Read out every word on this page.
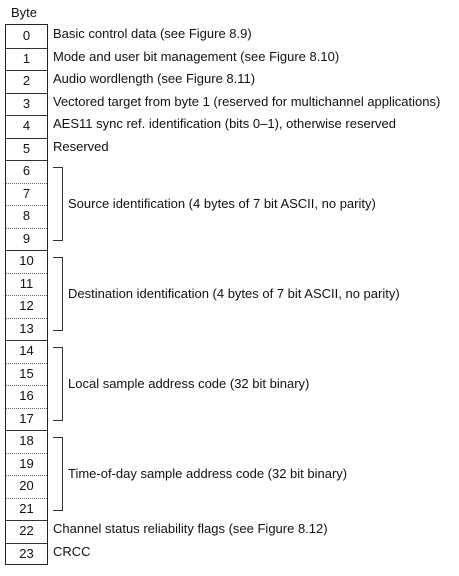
Byte
0
1
2
3
4
5
6
7
8
9
10
11
12
13
14
15
16
17
18
19
20
21
22
23
Basic control data (see Figure 8.9)
Mode and user bit management (see Figure 8.10)
Audio wordlength (see Figure 8.11)
Vectored target from byte 1 (reserved for multichannel applications)
AES11 sync ref. identification (bits 0–1), otherwise reserved
Reserved
Channel status reliability flags (see Figure 8.12)
CRCC
Source identification (4 bytes of 7 bit ASCII, no parity)
Destination identification (4 bytes of 7 bit ASCII, no parity)
Local sample address code (32 bit binary)
Time-of-day sample address code (32 bit binary)
